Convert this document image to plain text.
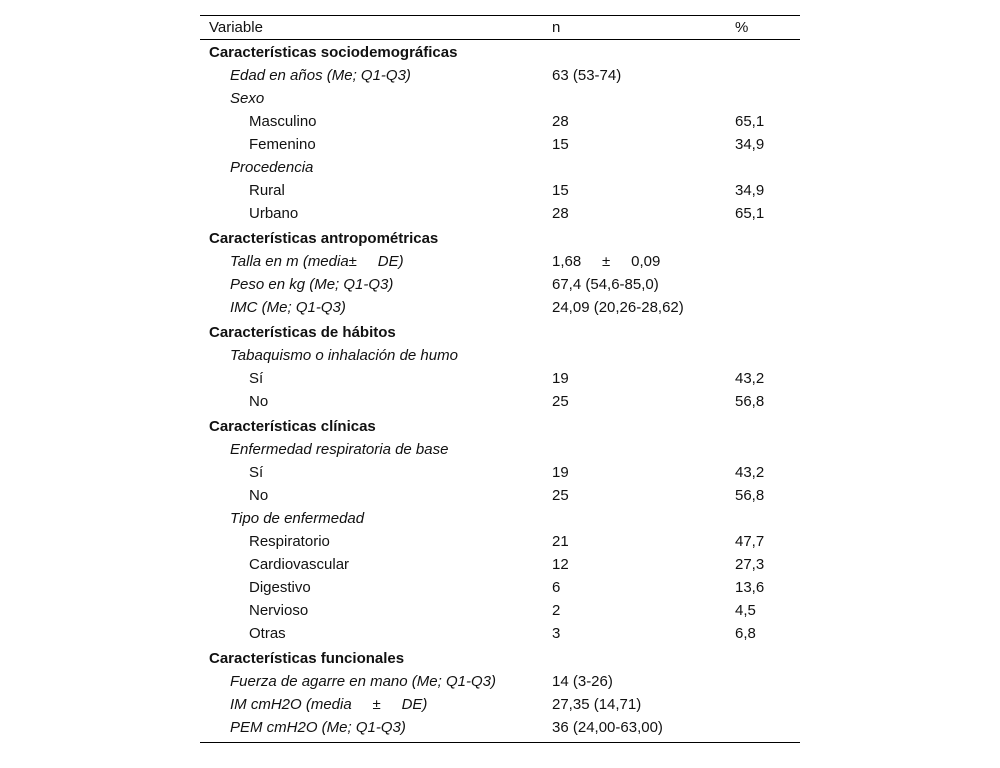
Variable	n	%
Características sociodemográficas
Edad en años (Me; Q1-Q3)	63 (53-74)
Sexo
Masculino	28	65,1
Femenino	15	34,9
Procedencia
Rural	15	34,9
Urbano	28	65,1
Características antropométricas
Talla en m (media±     DE)	1,68     ±     0,09
Peso en kg (Me; Q1-Q3)	67,4 (54,6-85,0)
IMC (Me; Q1-Q3)	24,09 (20,26-28,62)
Características de hábitos
Tabaquismo o inhalación de humo
Sí	19	43,2
No	25	56,8
Características clínicas
Enfermedad respiratoria de base
Sí	19	43,2
No	25	56,8
Tipo de enfermedad
Respiratorio	21	47,7
Cardiovascular	12	27,3
Digestivo	6	13,6
Nervioso	2	4,5
Otras	3	6,8
Características funcionales
Fuerza de agarre en mano (Me; Q1-Q3)	14 (3-26)
IM cmH2O (media     ±     DE)	27,35 (14,71)
PEM cmH2O (Me; Q1-Q3)	36 (24,00-63,00)
